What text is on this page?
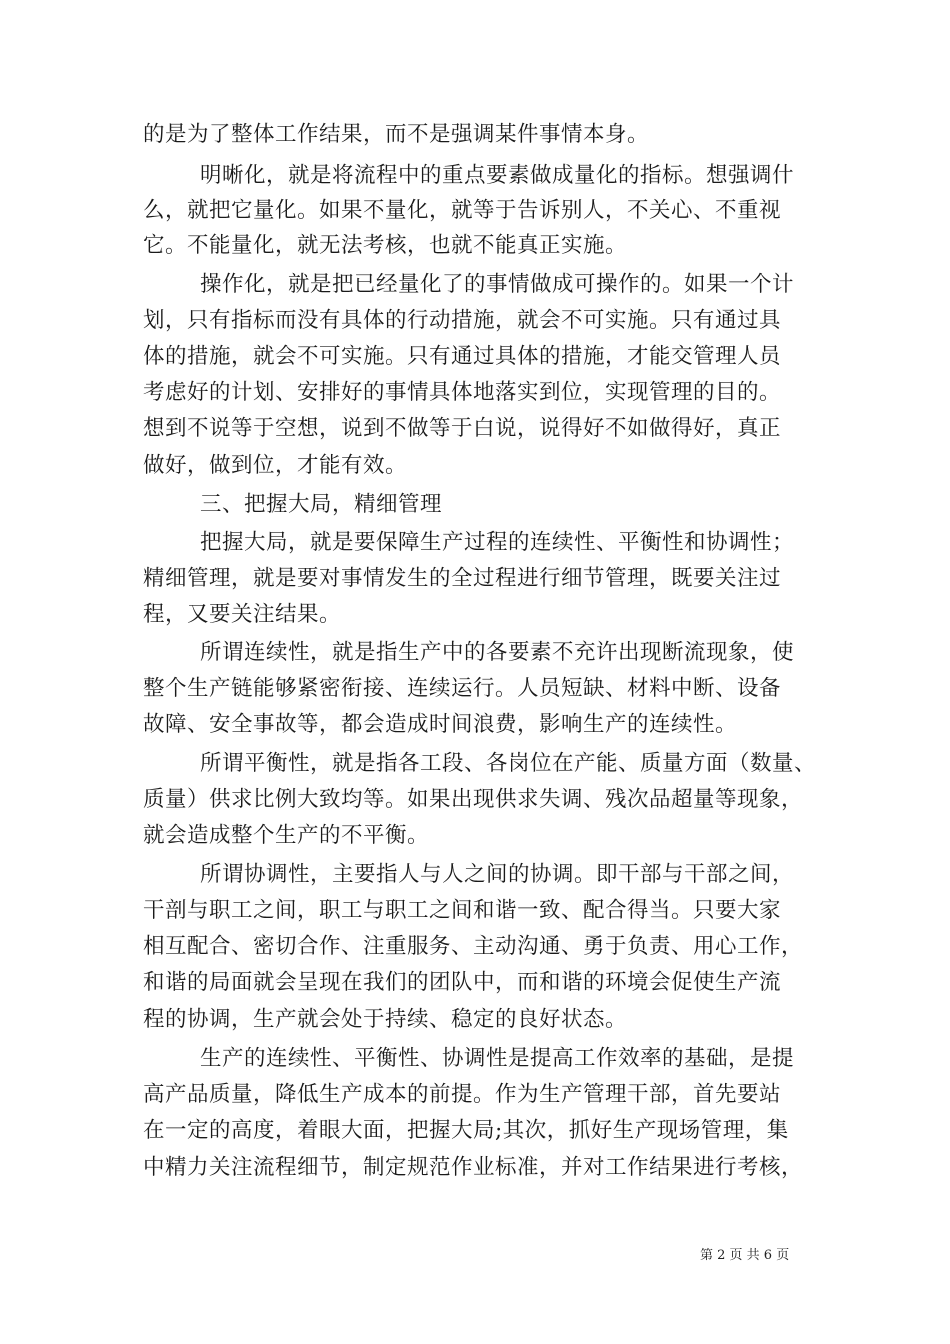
的是为了整体工作结果，而不是强调某件事情本身。
明晰化，就是将流程中的重点要素做成量化的指标。想强调什
么，就把它量化。如果不量化，就等于告诉别人，不关心、不重视
它。不能量化，就无法考核，也就不能真正实施。
操作化，就是把已经量化了的事情做成可操作的。如果一个计
划，只有指标而没有具体的行动措施，就会不可实施。只有通过具
体的措施，就会不可实施。只有通过具体的措施，才能交管理人员
考虑好的计划、安排好的事情具体地落实到位，实现管理的目的。
想到不说等于空想，说到不做等于白说，说得好不如做得好，真正
做好，做到位，才能有效。
三、把握大局，精细管理
把握大局，就是要保障生产过程的连续性、平衡性和协调性；
精细管理，就是要对事情发生的全过程进行细节管理，既要关注过
程，又要关注结果。
所谓连续性，就是指生产中的各要素不充许出现断流现象，使
整个生产链能够紧密衔接、连续运行。人员短缺、材料中断、设备
故障、安全事故等，都会造成时间浪费，影响生产的连续性。
所谓平衡性，就是指各工段、各岗位在产能、质量方面（数量、
质量）供求比例大致均等。如果出现供求失调、残次品超量等现象，
就会造成整个生产的不平衡。
所谓协调性，主要指人与人之间的协调。即干部与干部之间，
干剖与职工之间，职工与职工之间和谐一致、配合得当。只要大家
相互配合、密切合作、注重服务、主动沟通、勇于负责、用心工作，
和谐的局面就会呈现在我们的团队中，而和谐的环境会促使生产流
程的协调，生产就会处于持续、稳定的良好状态。
生产的连续性、平衡性、协调性是提高工作效率的基础，是提
高产品质量，降低生产成本的前提。作为生产管理干部，首先要站
在一定的高度，着眼大面，把握大局;其次，抓好生产现场管理，集
中精力关注流程细节，制定规范作业标准，并对工作结果进行考核，
第 2 页 共 6 页
